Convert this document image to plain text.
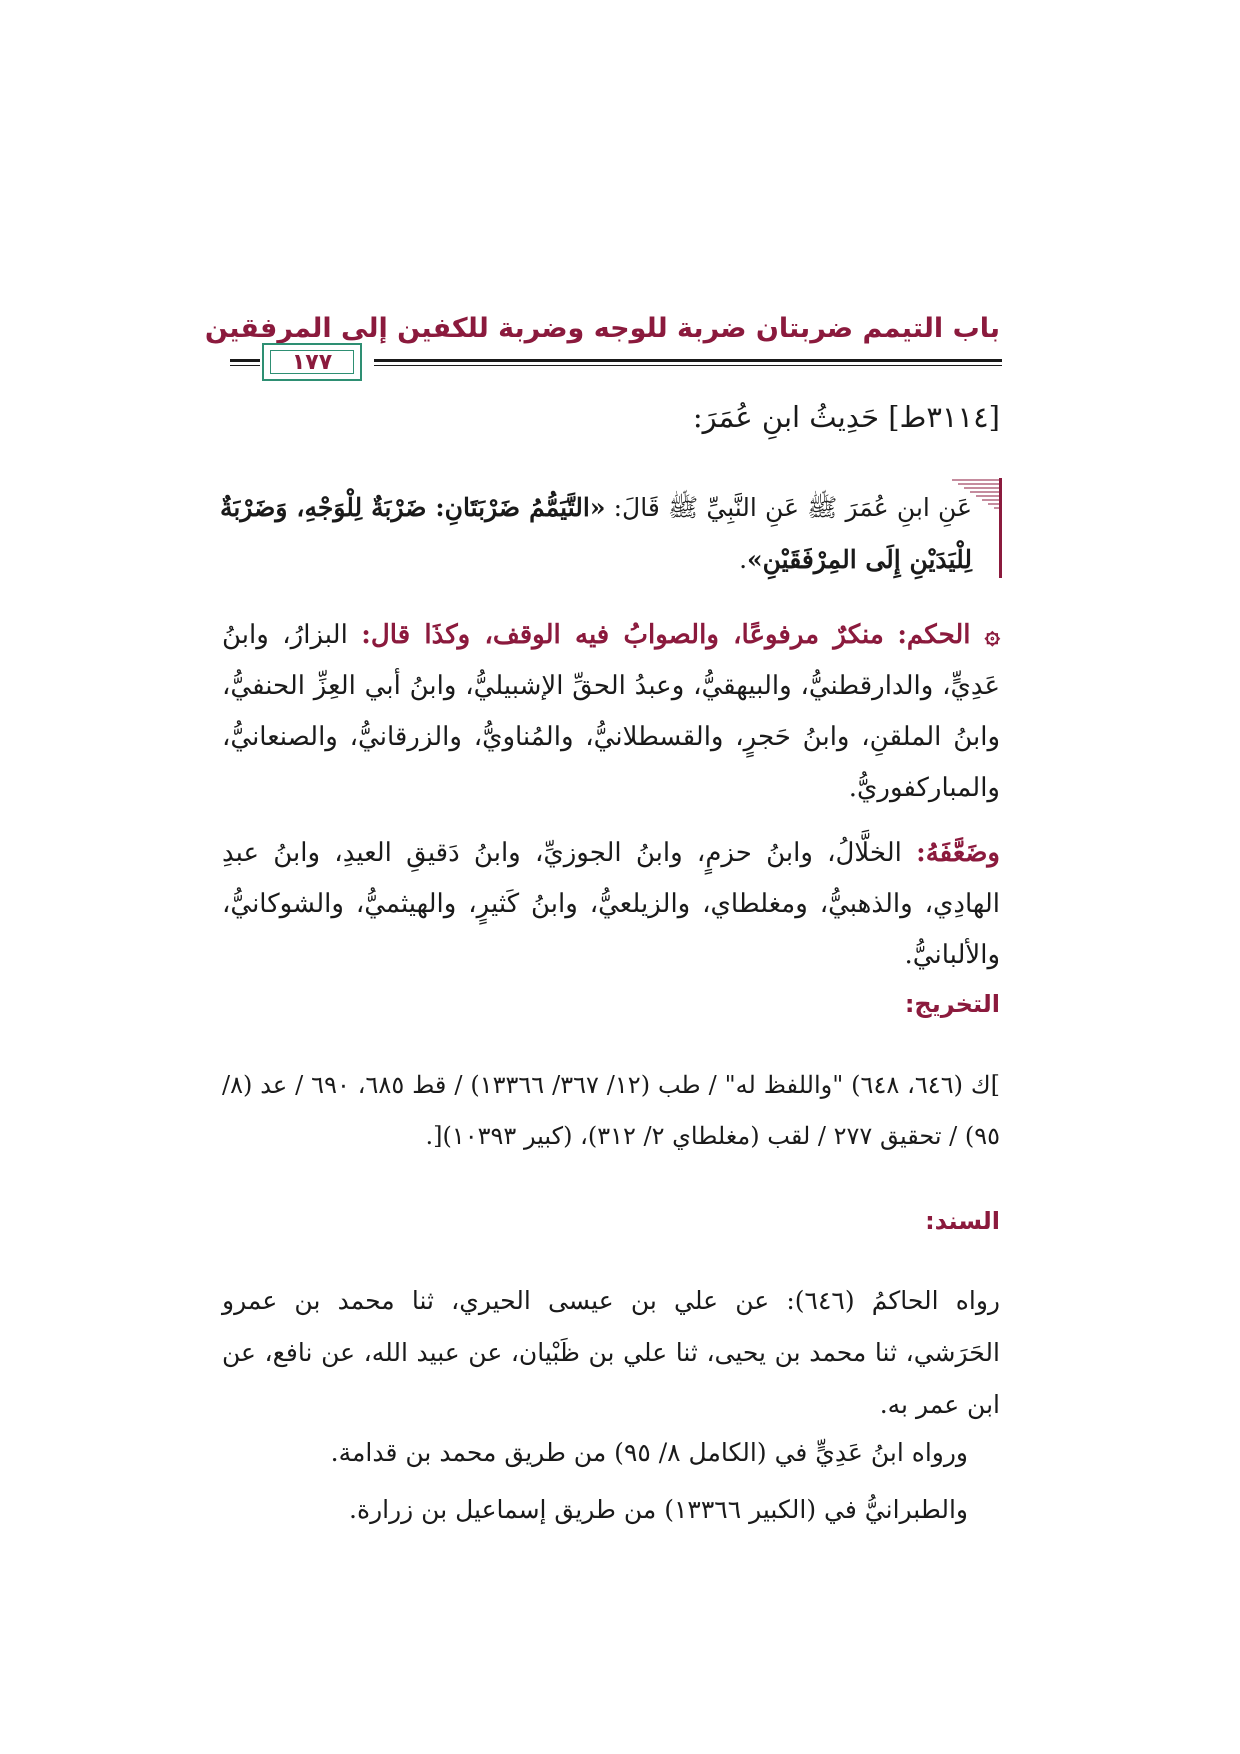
باب التيمم ضربتان ضربة للوجه وضربة للكفين إلى المرفقين
١٧٧
[٣١١٤ط] حَدِيثُ ابنِ عُمَرَ:
عَنِ ابنِ عُمَرَ ﷺ عَنِ النَّبِيِّ ﷺ قَالَ: «التَّيَمُّمُ ضَرْبَتَانِ: ضَرْبَةٌ لِلْوَجْهِ، وَضَرْبَةٌ لِلْيَدَيْنِ إِلَى المِرْفَقَيْنِ».
۞ الحكم: منكرٌ مرفوعًا، والصوابُ فيه الوقف، وكذَا قال: البزارُ، وابنُ عَدِيٍّ، والدارقطنيُّ، والبيهقيُّ، وعبدُ الحقِّ الإشبيليُّ، وابنُ أبي العِزِّ الحنفيُّ، وابنُ الملقنِ، وابنُ حَجرٍ، والقسطلانيُّ، والمُناويُّ، والزرقانيُّ، والصنعانيُّ، والمباركفوريُّ.
وضَعَّفَهُ: الخلَّالُ، وابنُ حزمٍ، وابنُ الجوزيِّ، وابنُ دَقيقِ العيدِ، وابنُ عبدِ الهادِي، والذهبيُّ، ومغلطاي، والزيلعيُّ، وابنُ كَثيرٍ، والهيثميُّ، والشوكانيُّ، والألبانيُّ.
التخريج:
]ك (٦٤٦، ٦٤٨) "واللفظ له" / طب (١٢/ ٣٦٧/ ١٣٣٦٦) / قط ٦٨٥، ٦٩٠ / عد (٨/ ٩٥) / تحقيق ٢٧٧ / لقب (مغلطاي ٢/ ٣١٢)، (كبير ١٠٣٩٣)[.
السند:
رواه الحاكمُ (٦٤٦): عن علي بن عيسى الحيري، ثنا محمد بن عمرو الحَرَشي، ثنا محمد بن يحيى، ثنا علي بن ظَبْيان، عن عبيد الله، عن نافع، عن ابن عمر به.
ورواه ابنُ عَدِيٍّ في (الكامل ٨/ ٩٥) من طريق محمد بن قدامة.
والطبرانيُّ في (الكبير ١٣٣٦٦) من طريق إسماعيل بن زرارة.
